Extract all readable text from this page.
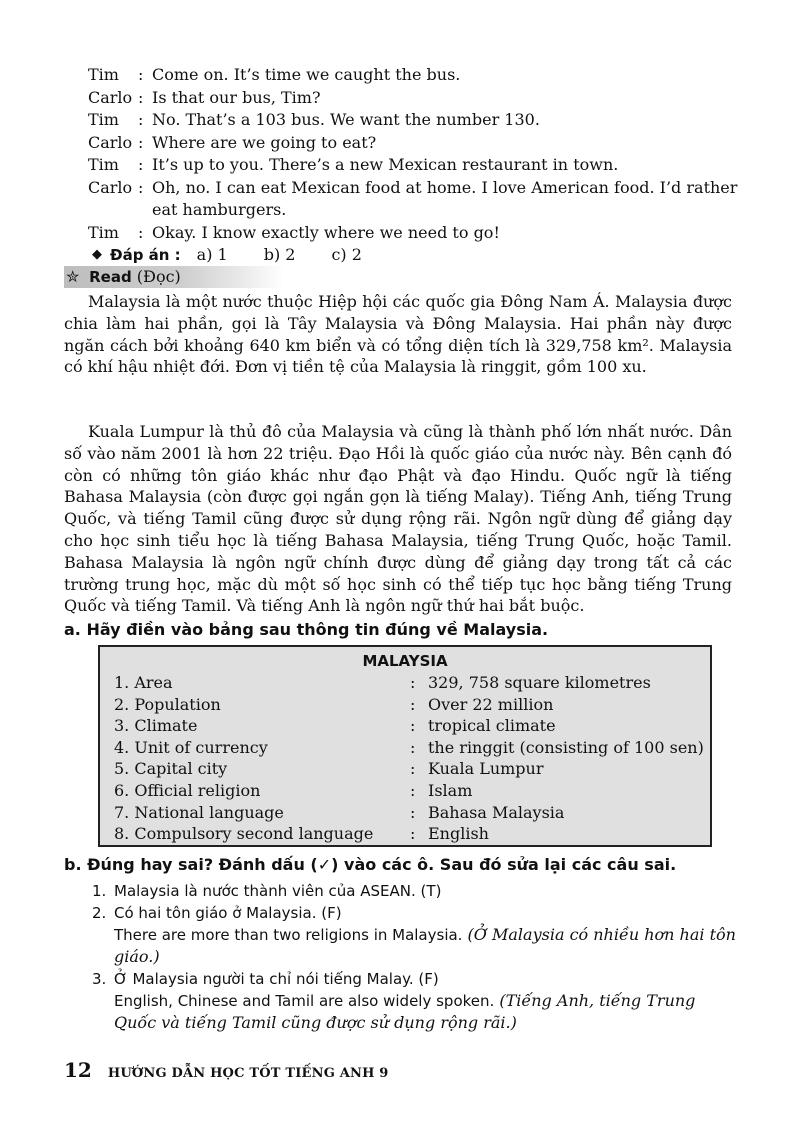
Tim	: Come on. It’s time we caught the bus.
Carlo : Is that our bus, Tim?
Tim	: No. That’s a 103 bus. We want the number 130.
Carlo : Where are we going to eat?
Tim	: It’s up to you. There’s a new Mexican restaurant in town.
Carlo : Oh, no. I can eat Mexican food at home. I love American food. I’d rather eat hamburgers.
Tim	: Okay. I know exactly where we need to go!
◆ Đáp án : a) 1 b) 2 c) 2
✮ Read (Đọc)

Malaysia là một nước thuộc Hiệp hội các quốc gia Đông Nam Á. Malaysia được chia làm hai phần, gọi là Tây Malaysia và Đông Malaysia. Hai phần này được ngăn cách bởi khoảng 640 km biển và có tổng diện tích là 329,758 km². Malaysia có khí hậu nhiệt đới. Đơn vị tiền tệ của Malaysia là ringgit, gồm 100 xu.

Kuala Lumpur là thủ đô của Malaysia và cũng là thành phố lớn nhất nước. Dân số vào năm 2001 là hơn 22 triệu. Đạo Hồi là quốc giáo của nước này. Bên cạnh đó còn có những tôn giáo khác như đạo Phật và đạo Hindu. Quốc ngữ là tiếng Bahasa Malaysia (còn được gọi ngắn gọn là tiếng Malay). Tiếng Anh, tiếng Trung Quốc, và tiếng Tamil cũng được sử dụng rộng rãi. Ngôn ngữ dùng để giảng dạy cho học sinh tiểu học là tiếng Bahasa Malaysia, tiếng Trung Quốc, hoặc Tamil. Bahasa Malaysia là ngôn ngữ chính được dùng để giảng dạy trong tất cả các trường trung học, mặc dù một số học sinh có thể tiếp tục học bằng tiếng Trung Quốc và tiếng Tamil. Và tiếng Anh là ngôn ngữ thứ hai bắt buộc.

a. Hãy điền vào bảng sau thông tin đúng về Malaysia.
MALAYSIA
1. Area	: 329, 758 square kilometres
2. Population	: Over 22 million
3. Climate	: tropical climate
4. Unit of currency	: the ringgit (consisting of 100 sen)
5. Capital city	: Kuala Lumpur
6. Official religion	: Islam
7. National language	: Bahasa Malaysia
8. Compulsory second language	: English
b. Đúng hay sai? Đánh dấu (✓) vào các ô. Sau đó sửa lại các câu sai.
1. Malaysia là nước thành viên của ASEAN. (T)
2. Có hai tôn giáo ở Malaysia. (F)
There are more than two religions in Malaysia. (Ở Malaysia có nhiều hơn hai tôn giáo.)
3. Ở Malaysia người ta chỉ nói tiếng Malay. (F)
English, Chinese and Tamil are also widely spoken. (Tiếng Anh, tiếng Trung Quốc và tiếng Tamil cũng được sử dụng rộng rãi.)
12 HƯỚNG DẪN HỌC TỐT TIẾNG ANH 9
